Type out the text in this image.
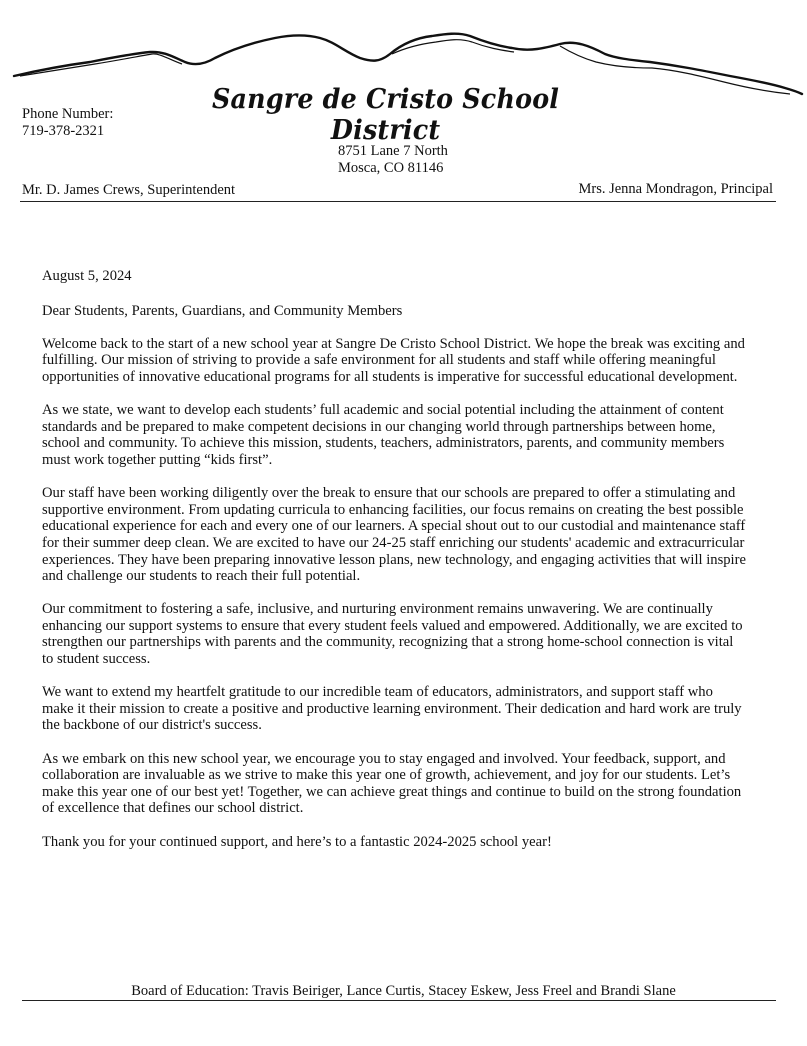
Phone Number:
719-378-2321
Sangre de Cristo School District
8751 Lane 7 North
Mosca, CO 81146
Mr. D. James Crews, Superintendent	Mrs. Jenna Mondragon, Principal

August 5, 2024

Dear Students, Parents, Guardians, and Community Members

Welcome back to the start of a new school year at Sangre De Cristo School District. We hope the break was exciting and fulfilling. Our mission of striving to provide a safe environment for all students and staff while offering meaningful opportunities of innovative educational programs for all students is imperative for successful educational development.

As we state, we want to develop each students’ full academic and social potential including the attainment of content standards and be prepared to make competent decisions in our changing world through partnerships between home, school and community. To achieve this mission, students, teachers, administrators, parents, and community members must work together putting “kids first”.

Our staff have been working diligently over the break to ensure that our schools are prepared to offer a stimulating and supportive environment. From updating curricula to enhancing facilities, our focus remains on creating the best possible educational experience for each and every one of our learners. A special shout out to our custodial and maintenance staff for their summer deep clean. We are excited to have our 24-25 staff enriching our students' academic and extracurricular experiences. They have been preparing innovative lesson plans, new technology, and engaging activities that will inspire and challenge our students to reach their full potential.

Our commitment to fostering a safe, inclusive, and nurturing environment remains unwavering. We are continually enhancing our support systems to ensure that every student feels valued and empowered. Additionally, we are excited to strengthen our partnerships with parents and the community, recognizing that a strong home-school connection is vital to student success.

We want to extend my heartfelt gratitude to our incredible team of educators, administrators, and support staff who make it their mission to create a positive and productive learning environment. Their dedication and hard work are truly the backbone of our district's success.

As we embark on this new school year, we encourage you to stay engaged and involved. Your feedback, support, and collaboration are invaluable as we strive to make this year one of growth, achievement, and joy for our students. Let’s make this year one of our best yet! Together, we can achieve great things and continue to build on the strong foundation of excellence that defines our school district.

Thank you for your continued support, and here’s to a fantastic 2024-2025 school year!

Board of Education: Travis Beiriger, Lance Curtis, Stacey Eskew, Jess Freel and Brandi Slane
